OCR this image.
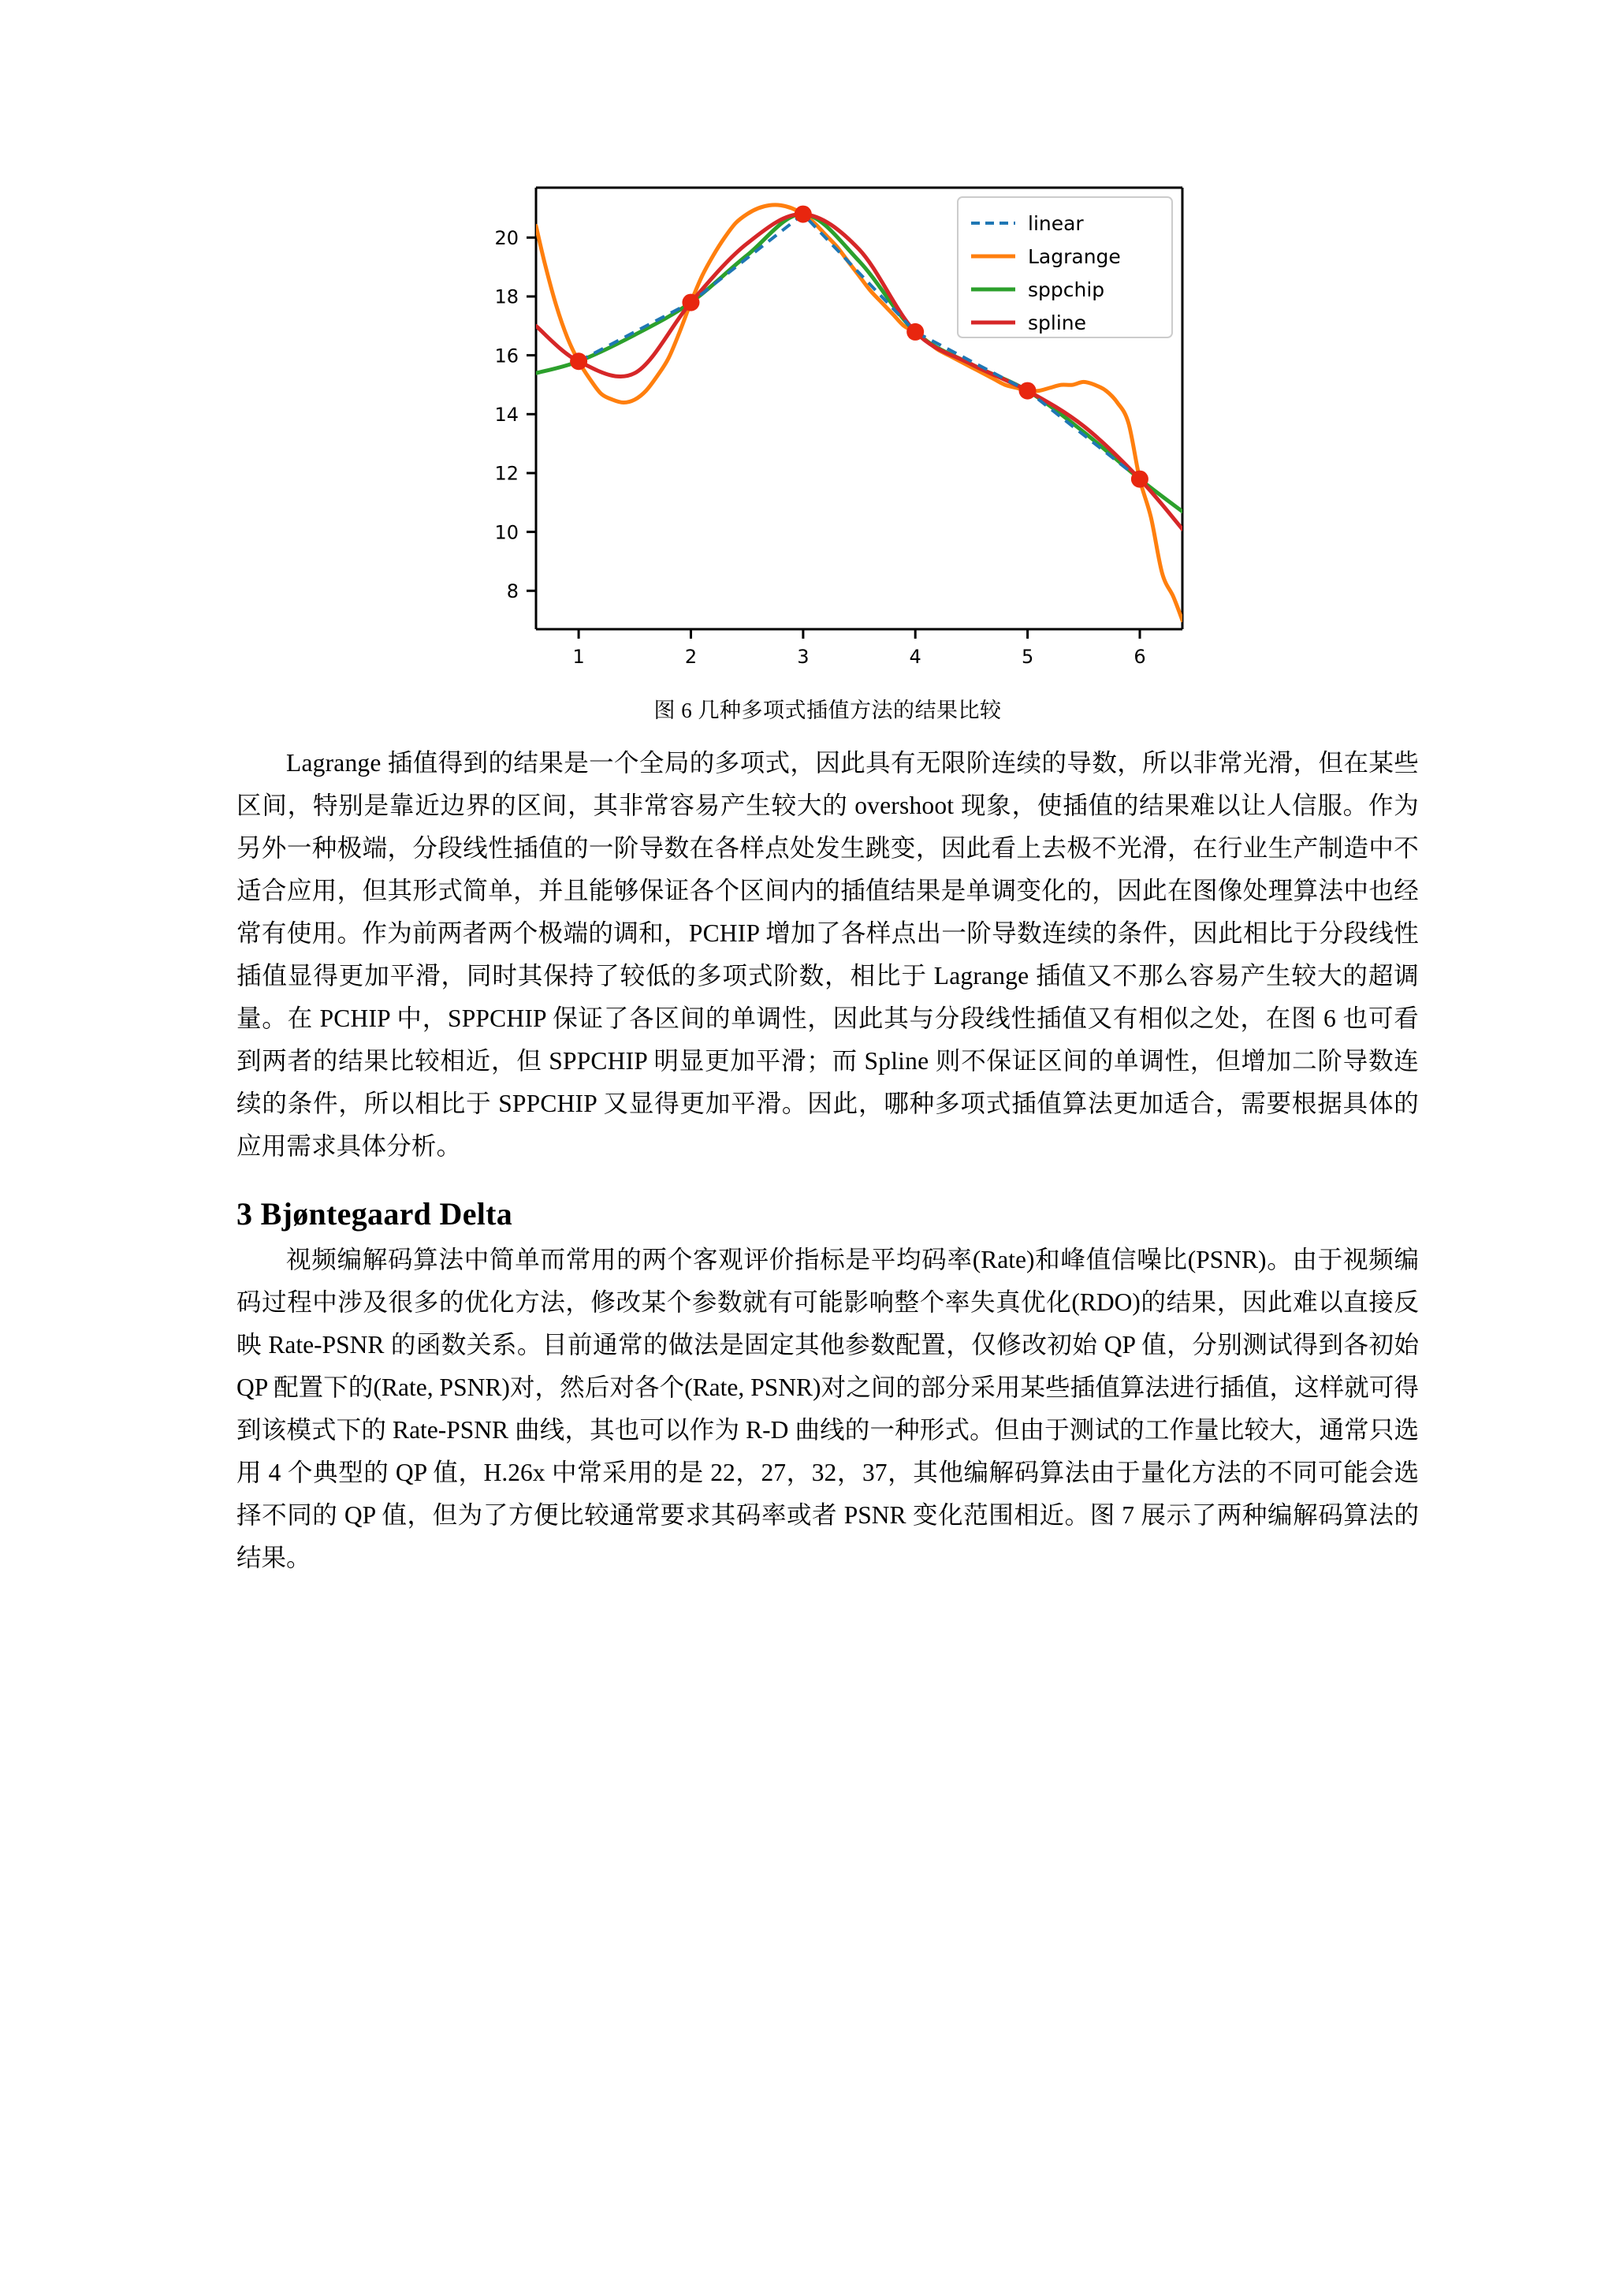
20
18
16
14
12
10
8
1	2	3	4	5	6
linear
Lagrange
sppchip
spline
图 6 几种多项式插值方法的结果比较

Lagrange 插值得到的结果是一个全局的多项式，因此具有无限阶连续的导数，所以非常光滑，但在某些区间，特别是靠近边界的区间，其非常容易产生较大的 overshoot 现象，使插值的结果难以让人信服。作为另外一种极端，分段线性插值的一阶导数在各样点处发生跳变，因此看上去极不光滑，在行业生产制造中不适合应用，但其形式简单，并且能够保证各个区间内的插值结果是单调变化的，因此在图像处理算法中也经常有使用。作为前两者两个极端的调和，PCHIP 增加了各样点出一阶导数连续的条件，因此相比于分段线性插值显得更加平滑，同时其保持了较低的多项式阶数，相比于 Lagrange 插值又不那么容易产生较大的超调量。在 PCHIP 中，SPPCHIP 保证了各区间的单调性，因此其与分段线性插值又有相似之处，在图 6 也可看到两者的结果比较相近，但 SPPCHIP 明显更加平滑；而 Spline 则不保证区间的单调性，但增加二阶导数连续的条件，所以相比于 SPPCHIP 又显得更加平滑。因此，哪种多项式插值算法更加适合，需要根据具体的应用需求具体分析。

3 Bjøntegaard Delta

视频编解码算法中简单而常用的两个客观评价指标是平均码率(Rate)和峰值信噪比(PSNR)。由于视频编码过程中涉及很多的优化方法，修改某个参数就有可能影响整个率失真优化(RDO)的结果，因此难以直接反映 Rate-PSNR 的函数关系。目前通常的做法是固定其他参数配置，仅修改初始 QP 值，分别测试得到各初始 QP 配置下的(Rate, PSNR)对，然后对各个(Rate, PSNR)对之间的部分采用某些插值算法进行插值，这样就可得到该模式下的 Rate-PSNR 曲线，其也可以作为 R-D 曲线的一种形式。但由于测试的工作量比较大，通常只选用 4 个典型的 QP 值，H.26x 中常采用的是 22，27，32，37，其他编解码算法由于量化方法的不同可能会选择不同的 QP 值，但为了方便比较通常要求其码率或者 PSNR 变化范围相近。图 7 展示了两种编解码算法的结果。
